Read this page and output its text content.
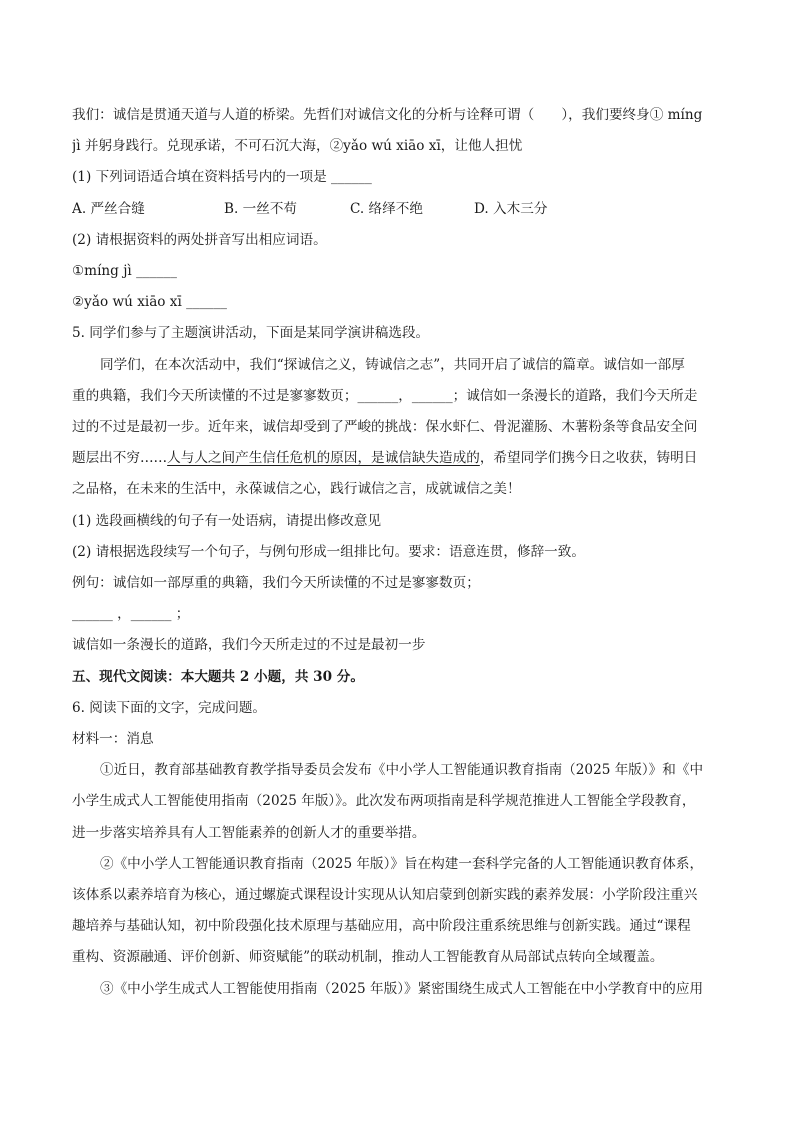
我们：诚信是贯通天道与人道的桥梁。先哲们对诚信文化的分析与诠释可谓（　　），我们要终身① míng
jì 并躬身践行。兑现承诺，不可石沉大海，②yǎo wú xiāo xī，让他人担忧
(1) 下列词语适合填在资料括号内的一项是 ______
A. 严丝合缝	B. 一丝不苟	C. 络绎不绝	D. 入木三分
(2) 请根据资料的两处拼音写出相应词语。
①míng jì ______
②yǎo wú xiāo xī ______
5. 同学们参与了主题演讲活动，下面是某同学演讲稿选段。
同学们，在本次活动中，我们“探诚信之义，铸诚信之志”，共同开启了诚信的篇章。诚信如一部厚
重的典籍，我们今天所读懂的不过是寥寥数页；______，______；诚信如一条漫长的道路，我们今天所走
过的不过是最初一步。近年来，诚信却受到了严峻的挑战：保水虾仁、骨泥灌肠、木薯粉条等食品安全问
题层出不穷……人与人之间产生信任危机的原因，是诚信缺失造成的，希望同学们携今日之收获，铸明日
之品格，在未来的生活中，永葆诚信之心，践行诚信之言，成就诚信之美！
(1) 选段画横线的句子有一处语病，请提出修改意见
(2) 请根据选段续写一个句子，与例句形成一组排比句。要求：语意连贯，修辞一致。
例句：诚信如一部厚重的典籍，我们今天所读懂的不过是寥寥数页；
______ ，______ ；
诚信如一条漫长的道路，我们今天所走过的不过是最初一步
五、现代文阅读：本大题共 2 小题，共 30 分。
6. 阅读下面的文字，完成问题。
材料一：消息
①近日，教育部基础教育教学指导委员会发布《中小学人工智能通识教育指南（2025 年版）》和《中
小学生成式人工智能使用指南（2025 年版）》。此次发布两项指南是科学规范推进人工智能全学段教育，
进一步落实培养具有人工智能素养的创新人才的重要举措。
②《中小学人工智能通识教育指南（2025 年版）》旨在构建一套科学完备的人工智能通识教育体系，
该体系以素养培育为核心，通过螺旋式课程设计实现从认知启蒙到创新实践的素养发展：小学阶段注重兴
趣培养与基础认知，初中阶段强化技术原理与基础应用，高中阶段注重系统思维与创新实践。通过“课程
重构、资源融通、评价创新、师资赋能”的联动机制，推动人工智能教育从局部试点转向全域覆盖。
③《中小学生成式人工智能使用指南（2025 年版）》紧密围绕生成式人工智能在中小学教育中的应用
